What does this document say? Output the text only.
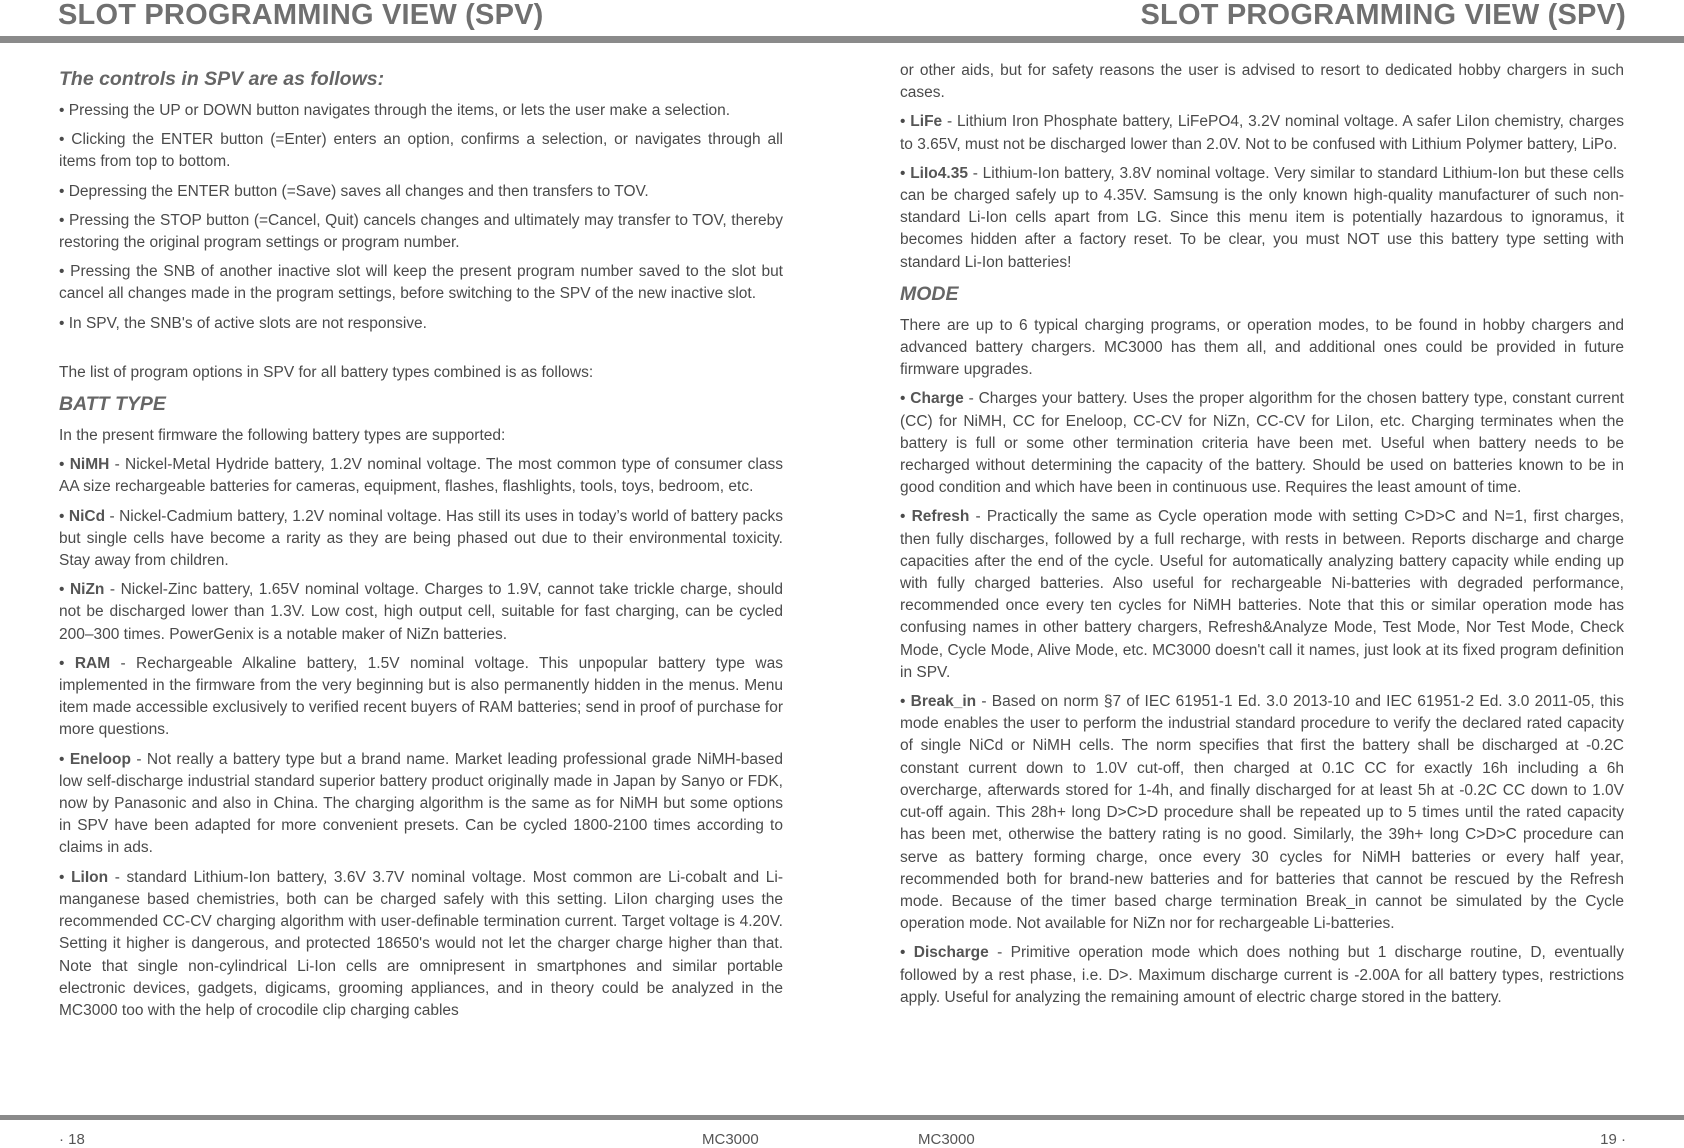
SLOT PROGRAMMING VIEW (SPV)	SLOT PROGRAMMING VIEW (SPV)
The controls in SPV are as follows:

• Pressing the UP or DOWN button navigates through the items, or lets the user make a selection.

• Clicking the ENTER button (=Enter) enters an option, confirms a selection, or navigates through all items from top to bottom.

• Depressing the ENTER button (=Save) saves all changes and then transfers to TOV.

• Pressing the STOP button (=Cancel, Quit) cancels changes and ultimately may transfer to TOV, thereby restoring the original program settings or program number.

• Pressing the SNB of another inactive slot will keep the present program number saved to the slot but cancel all changes made in the program settings, before switching to the SPV of the new inactive slot.

• In SPV, the SNB's of active slots are not responsive.

The list of program options in SPV for all battery types combined is as follows:

BATT TYPE

In the present firmware the following battery types are supported:

• NiMH - Nickel-Metal Hydride battery, 1.2V nominal voltage. The most common type of consumer class AA size rechargeable batteries for cameras, equipment, flashes, flashlights, tools, toys, bedroom, etc.

• NiCd - Nickel-Cadmium battery, 1.2V nominal voltage. Has still its uses in today’s world of battery packs but single cells have become a rarity as they are being phased out due to their environmental toxicity. Stay away from children.

• NiZn - Nickel-Zinc battery, 1.65V nominal voltage. Charges to 1.9V, cannot take trickle charge, should not be discharged lower than 1.3V. Low cost, high output cell, suitable for fast charging, can be cycled 200–300 times. PowerGenix is a notable maker of NiZn batteries.

• RAM - Rechargeable Alkaline battery, 1.5V nominal voltage. This unpopular battery type was implemented in the firmware from the very beginning but is also permanently hidden in the menus. Menu item made accessible exclusively to verified recent buyers of RAM batteries; send in proof of purchase for more questions.

• Eneloop - Not really a battery type but a brand name. Market leading professional grade NiMH-based low self-discharge industrial standard superior battery product originally made in Japan by Sanyo or FDK, now by Panasonic and also in China. The charging algorithm is the same as for NiMH but some options in SPV have been adapted for more convenient presets. Can be cycled 1800-2100 times according to claims in ads.

• LiIon - standard Lithium-Ion battery, 3.6V 3.7V nominal voltage. Most common are Li-cobalt and Li-manganese based chemistries, both can be charged safely with this setting. LiIon charging uses the recommended CC-CV charging algorithm with user-definable termination current. Target voltage is 4.20V. Setting it higher is dangerous, and protected 18650's would not let the charger charge higher than that. Note that single non-cylindrical Li-Ion cells are omnipresent in smartphones and similar portable electronic devices, gadgets, digicams, grooming appliances, and in theory could be analyzed in the MC3000 too with the help of crocodile clip charging cables

or other aids, but for safety reasons the user is advised to resort to dedicated hobby chargers in such cases.

• LiFe - Lithium Iron Phosphate battery, LiFePO4, 3.2V nominal voltage. A safer LiIon chemistry, charges to 3.65V, must not be discharged lower than 2.0V. Not to be confused with Lithium Polymer battery, LiPo.

• LiIo4.35 - Lithium-Ion battery, 3.8V nominal voltage. Very similar to standard Lithium-Ion but these cells can be charged safely up to 4.35V. Samsung is the only known high-quality manufacturer of such non-standard Li-Ion cells apart from LG. Since this menu item is potentially hazardous to ignoramus, it becomes hidden after a factory reset. To be clear, you must NOT use this battery type setting with standard Li-Ion batteries!

MODE

There are up to 6 typical charging programs, or operation modes, to be found in hobby chargers and advanced battery chargers. MC3000 has them all, and additional ones could be provided in future firmware upgrades.

• Charge - Charges your battery. Uses the proper algorithm for the chosen battery type, constant current (CC) for NiMH, CC for Eneloop, CC-CV for NiZn, CC-CV for LiIon, etc. Charging terminates when the battery is full or some other termination criteria have been met. Useful when battery needs to be recharged without determining the capacity of the battery. Should be used on batteries known to be in good condition and which have been in continuous use. Requires the least amount of time.

• Refresh - Practically the same as Cycle operation mode with setting C>D>C and N=1, first charges, then fully discharges, followed by a full recharge, with rests in between. Reports discharge and charge capacities after the end of the cycle. Useful for automatically analyzing battery capacity while ending up with fully charged batteries. Also useful for rechargeable Ni-batteries with degraded performance, recommended once every ten cycles for NiMH batteries. Note that this or similar operation mode has confusing names in other battery chargers, Refresh&Analyze Mode, Test Mode, Nor Test Mode, Check Mode, Cycle Mode, Alive Mode, etc. MC3000 doesn't call it names, just look at its fixed program definition in SPV.

• Break_in - Based on norm §7 of IEC 61951-1 Ed. 3.0 2013-10 and IEC 61951-2 Ed. 3.0 2011-05, this mode enables the user to perform the industrial standard procedure to verify the declared rated capacity of single NiCd or NiMH cells. The norm specifies that first the battery shall be discharged at -0.2C constant current down to 1.0V cut-off, then charged at 0.1C CC for exactly 16h including a 6h overcharge, afterwards stored for 1-4h, and finally discharged for at least 5h at -0.2C CC down to 1.0V cut-off again. This 28h+ long D>C>D procedure shall be repeated up to 5 times until the rated capacity has been met, otherwise the battery rating is no good. Similarly, the 39h+ long C>D>C procedure can serve as battery forming charge, once every 30 cycles for NiMH batteries or every half year, recommended both for brand-new batteries and for batteries that cannot be rescued by the Refresh mode. Because of the timer based charge termination Break_in cannot be simulated by the Cycle operation mode. Not available for NiZn nor for rechargeable Li-batteries.

• Discharge - Primitive operation mode which does nothing but 1 discharge routine, D, eventually followed by a rest phase, i.e. D>. Maximum discharge current is -2.00A for all battery types, restrictions apply. Useful for analyzing the remaining amount of electric charge stored in the battery.

· 18	MC3000	MC3000	19 ·
